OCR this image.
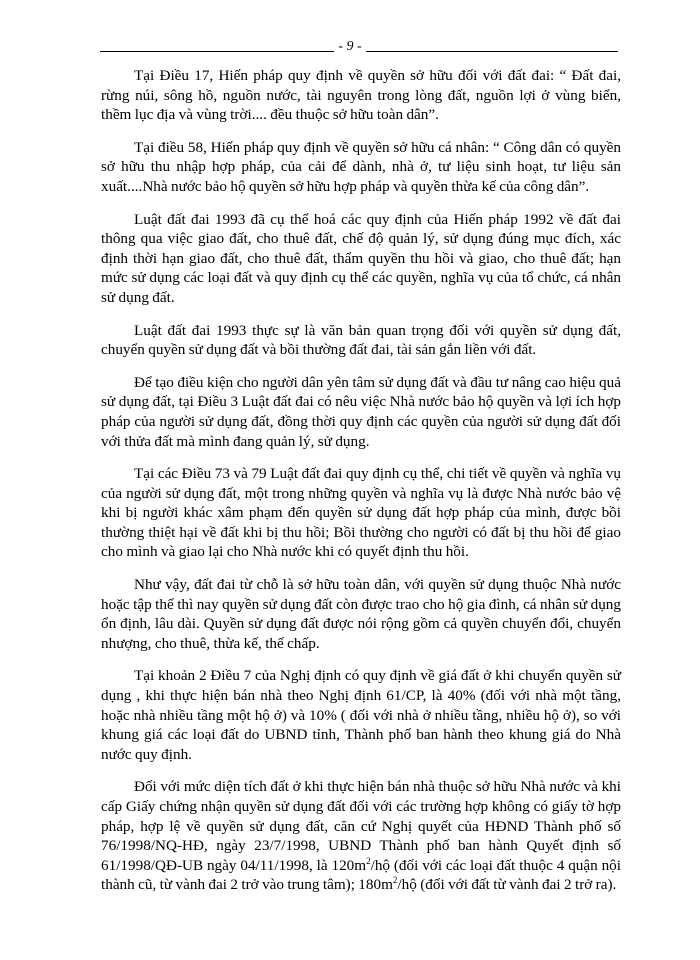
- 9 -

Tại Điều 17, Hiến pháp quy định về quyền sở hữu đối với đất đai: “ Đất đai, rừng núi, sông hồ, nguồn nước, tài nguyên trong lòng đất, nguồn lợi ở vùng biển, thềm lục địa và vùng trời.... đều thuộc sở hữu toàn dân”.

Tại điều 58, Hiến pháp quy định về quyền sở hữu cá nhân: “ Công dân có quyền sở hữu thu nhập hợp pháp, của cải để dành, nhà ở, tư liệu sinh hoạt, tư liệu sản xuất....Nhà nước bảo hộ quyền sở hữu hợp pháp và quyền thừa kế của công dân”.

Luật đất đai 1993 đã cụ thể hoá các quy định của Hiến pháp 1992 về đất đai thông qua việc giao đất, cho thuê đất, chế độ quản lý, sử dụng đúng mục đích, xác định thời hạn giao đất, cho thuê đất, thẩm quyền thu hồi và giao, cho thuê đất; hạn mức sử dụng các loại đất và quy định cụ thể các quyền, nghĩa vụ của tổ chức, cá nhân sử dụng đất.

Luật đất đai 1993 thực sự là văn bản quan trọng đối với quyền sử dụng đất, chuyển quyền sử dụng đất và bồi thường đất đai, tài sản gắn liền với đất.

Để tạo điều kiện cho người dân yên tâm sử dụng đất và đầu tư nâng cao hiệu quả sử dụng đất, tại Điều 3 Luật đất đai có nêu việc Nhà nước bảo hộ quyền và lợi ích hợp pháp của người sử dụng đất, đồng thời quy định các quyền của người sử dụng đất đối với thửa đất mà mình đang quản lý, sử dụng.

Tại các Điều 73 và 79 Luật đất đai quy định cụ thể, chi tiết về quyền và nghĩa vụ của người sử dụng đất, một trong những quyền và nghĩa vụ là được Nhà nước bảo vệ khi bị người khác xâm phạm đến quyền sử dụng đất hợp pháp của mình, được bồi thường thiệt hại về đất khi bị thu hồi; Bồi thường cho người có đất bị thu hồi để giao cho mình và giao lại cho Nhà nước khi có quyết định thu hồi.

Như vậy, đất đai từ chỗ là sở hữu toàn dân, với quyền sử dụng thuộc Nhà nước hoặc tập thể thì nay quyền sử dụng đất còn được trao cho hộ gia đình, cá nhân sử dụng ổn định, lâu dài. Quyền sử dụng đất được nói rộng gồm cả quyền chuyển đổi, chuyển nhượng, cho thuê, thừa kế, thế chấp.

Tại khoản 2 Điều 7 của Nghị định có quy định về giá đất ở khi chuyển quyền sử dụng , khi thực hiện bán nhà theo Nghị định 61/CP, là 40% (đối với nhà một tầng, hoặc nhà nhiều tầng một hộ ở) và 10% ( đối với nhà ở nhiều tầng, nhiều hộ ở), so với khung giá các loại đất do UBND tỉnh, Thành phố ban hành theo khung giá do Nhà nước quy định.

Đối với mức diện tích đất ở khi thực hiện bán nhà thuộc sở hữu Nhà nước và khi cấp Giấy chứng nhận quyền sử dụng đất đối với các trường hợp không có giấy tờ hợp pháp, hợp lệ về quyền sử dụng đất, căn cứ Nghị quyết của HĐND Thành phố số 76/1998/NQ-HĐ, ngày 23/7/1998, UBND Thành phố ban hành Quyết định số 61/1998/QĐ-UB ngày 04/11/1998, là $120m^2/hộ$ (đối với các loại đất thuộc 4 quận nội thành cũ, từ vành đai 2 trở vào trung tâm); $180m^2/hộ$ (đối với đất từ vành đai 2 trở ra).
